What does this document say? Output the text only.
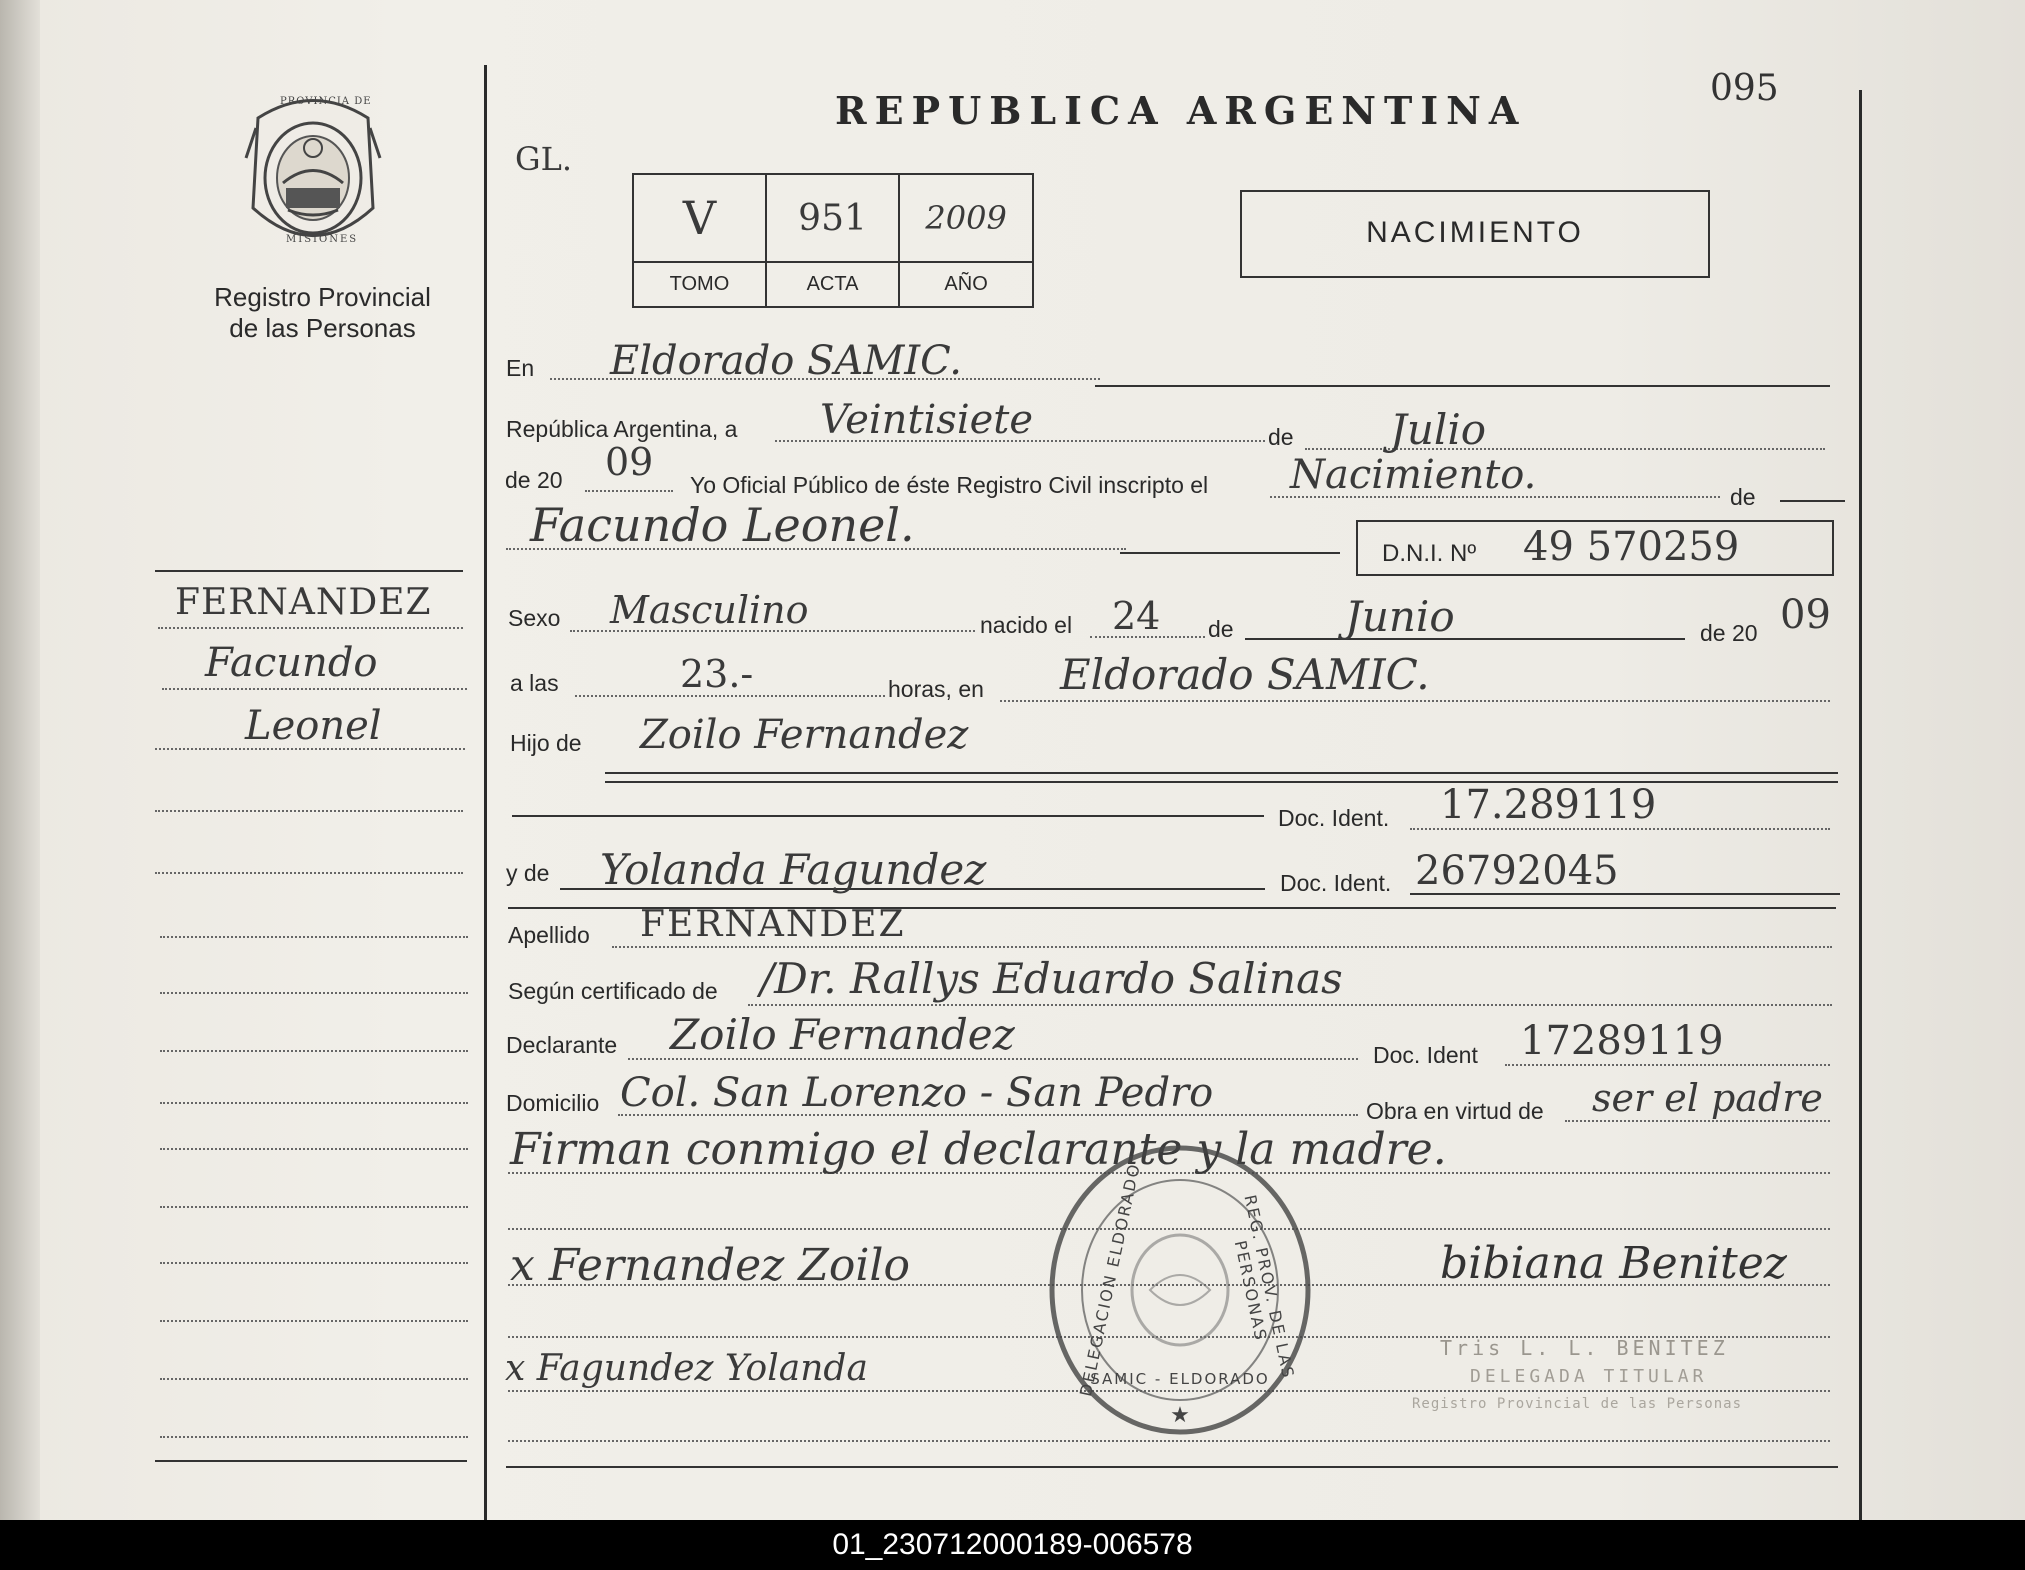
PROVINCIA DE
MISIONES
Registro Provincial
de las Personas
FERNANDEZ
Facundo
Leonel
REPUBLICA ARGENTINA	095
GL.
V	951	2009
TOMO	ACTA	AÑO
NACIMIENTO
En Eldorado SAMIC.
República Argentina, a Veintisiete	de Julio
de 20 09
Yo Oficial Público de éste Registro Civil inscripto el Nacimiento.	de
Facundo Leonel.
D.N.I. Nº 49 570259
Sexo Masculino	nacido el 24 de	Junio	de 20 09
a las	23.-	horas, en Eldorado SAMIC.
Hijo de Zoilo Fernandez
Doc. Ident. 17.289119
y de Yolanda Fagundez	Doc. Ident. 26792045
Apellido FERNANDEZ
Según certificado de /Dr. Rallys Eduardo Salinas
Declarante Zoilo Fernandez	Doc. Ident 17289119
Domicilio Col. San Lorenzo - San Pedro	Obra en virtud de ser el padre
Firman conmigo el declarante y la madre.
x Fernandez Zoilo
x Fagundez Yolanda
★
DELEGACION ELDORADO	REG. PROV. DE LAS PERSONAS
SAMIC - ELDORADO
bibiana Benitez
Tris L. L. BENITEZ
DELEGADA TITULAR
Registro Provincial de las Personas
01_230712000189-006578
